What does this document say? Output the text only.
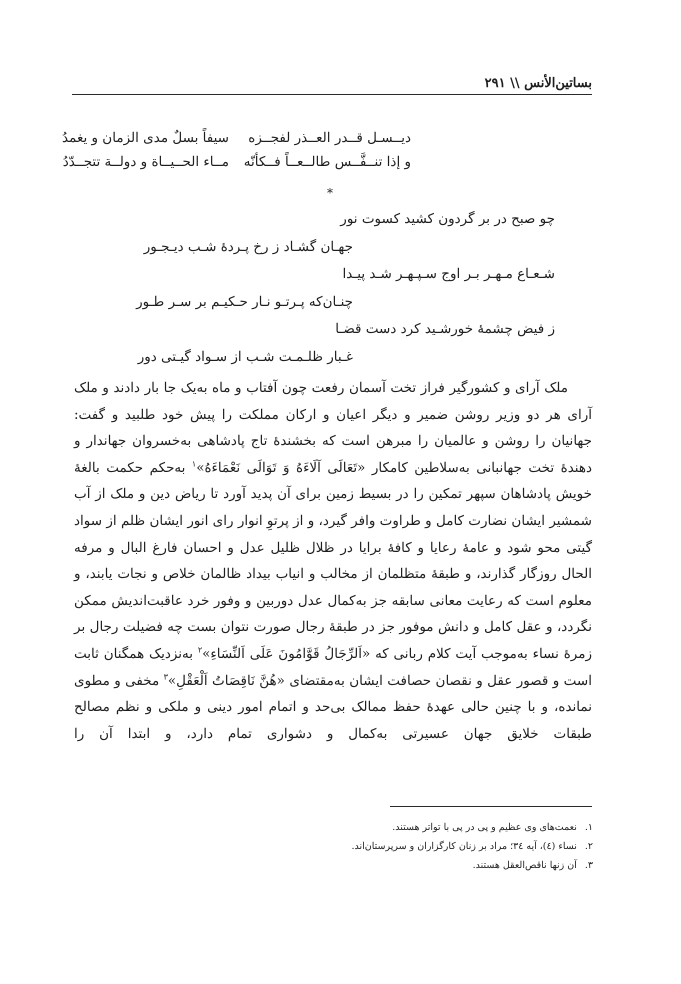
بساتین‌الأنس \\ ۲۹۱
دیــسـل قــدر العــذر لفجــزه
سیفاً بسلٌ مدی الزمان و یغمدُ
و إذا تنــفَّــس طالــعــاً فــکأنّه
مــاء الحــیــاة و دولــة تتجــدّدُ
*
چو صبح در بر گردون کشید کسوت نور
جهـان گشـاد ز رخ پـردهٔ شـب دیـجـور
شـعـاع مـهـر بـر اوج سـپـهـر شـد پیـدا
چنـان‌که پـرتـو نـار حـکیـم بر سـر طـور
ز فیض چشمهٔ خورشـید کرد دست قضـا
غـبار ظلـمـت شـب از سـواد گیـتی دور

ملک آرای و کشورگیر فراز تخت آسمان رفعت چون آفتاب و ماه به‌یک جا بار دادند و ملک آرای هر دو وزیر روشن ضمیر و دیگر اعیان و ارکان مملکت را پیش خود طلبید و گفت: جهانیان را روشن و عالمیان را مبرهن است که بخشندهٔ تاج پادشاهی به‌خسروان جهاندار و دهندهٔ تخت جهانبانی به‌سلاطین کامکار «تَعَالَی آلَاءَهُ وَ تَوَالَی نَعْمَاءَهُ»$^۱$ به‌حکم حکمت بالغهٔ خویش پادشاهان سپهر تمکین را در بسیط زمین برای آن پدید آورد تا ریاض دین و ملک از آب شمشیر ایشان نضارت کامل و طراوت وافر گیرد، و از پرتوِ انوار رای انور ایشان ظلم از سواد گیتی محو شود و عامهٔ رعایا و کافهٔ برایا در ظلال ظلیل عدل و احسان فارغ البال و مرفه الحال روزگار گذارند، و طبقهٔ متظلمان از مخالب و انیاب بیداد ظالمان خلاص و نجات یابند، و معلوم است که رعایت معانی سابقه جز به‌کمال عدل دوربین و وفور خرد عاقبت‌اندیش ممکن نگردد، و عقل کامل و دانش موفور جز در طبقهٔ رجال صورت نتوان بست چه فضیلت رجال بر زمرهٔ نساء به‌موجب آیت کلام ربانی که «اَلرِّجَالُ قَوَّامُونَ عَلَی اَلنِّسَاءِ»$^۲$ به‌نزدیک همگنان ثابت است و قصور عقل و نقصان حصافت ایشان به‌مقتضای «هُنَّ نَاقِصَاتُ اَلْعَقْلِ»$^۳$ مخفی و مطوی نمانده، و با چنین حالی عهدهٔ حفظ ممالک بی‌حد و اتمام امور دینی و ملکی و نظم مصالح طبقات خلایق جهان عسیرتی به‌کمال و دشواری تمام دارد، و ابتدا آن را

۱.نعمت‌های وی عظیم و پی در پی با تواتر هستند.
۲.نساء (٤)، آیه ٣٤؛ مراد بر زنان کارگزاران و سرپرستان‌اند.
۳.آن زنها ناقص‌العقل هستند.
